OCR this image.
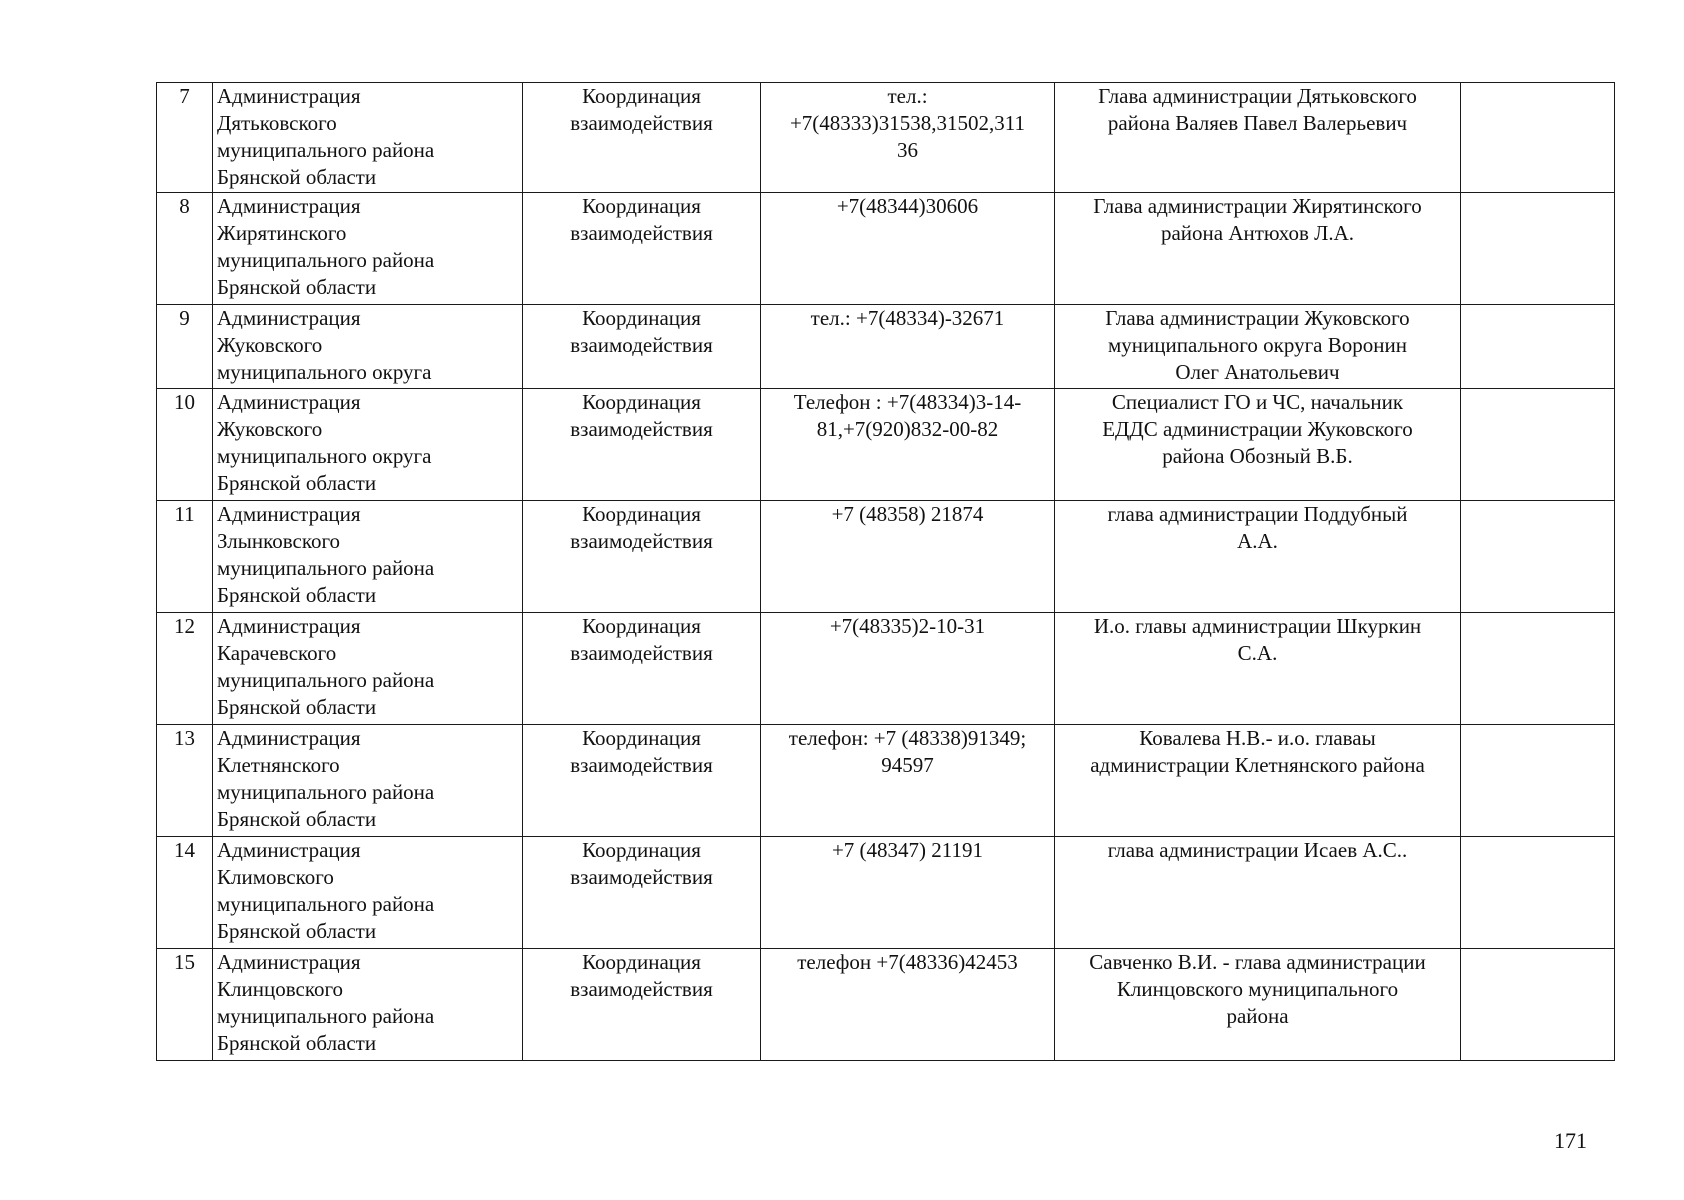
7	Администрация
Дятьковского
муниципального района
Брянской области	Координация
взаимодействия	тел.:
+7(48333)31538,31502,311
36	Глава администрации Дятьковского
района Валяев Павел Валерьевич	

8	Администрация
Жирятинского
муниципального района
Брянской области	Координация
взаимодействия	+7(48344)30606	Глава администрации Жирятинского
района Антюхов Л.А.	

9	Администрация
Жуковского
муниципального округа	Координация
взаимодействия	тел.: +7(48334)-32671	Глава администрации Жуковского
муниципального округа Воронин
Олег Анатольевич	

10	Администрация
Жуковского
муниципального округа
Брянской области	Координация
взаимодействия	Телефон : +7(48334)3-14-
81,+7(920)832-00-82	Специалист ГО и ЧС, начальник
ЕДДС администрации Жуковского
района Обозный В.Б.	

11	Администрация
Злынковского
муниципального района
Брянской области	Координация
взаимодействия	+7 (48358) 21874	глава администрации Поддубный
А.А.	

12	Администрация
Карачевского
муниципального района
Брянской области	Координация
взаимодействия	+7(48335)2-10-31	И.о. главы администрации Шкуркин
С.А.	

13	Администрация
Клетнянского
муниципального района
Брянской области	Координация
взаимодействия	телефон: +7 (48338)91349;
94597	Ковалева Н.В.- и.о. главаы
администрации Клетнянского района	

14	Администрация
Климовского
муниципального района
Брянской области	Координация
взаимодействия	+7 (48347) 21191	глава администрации Исаев А.С..	

15	Администрация
Клинцовского
муниципального района
Брянской области	Координация
взаимодействия	телефон +7(48336)42453	Савченко В.И. - глава администрации
Клинцовского муниципального
района	

171
